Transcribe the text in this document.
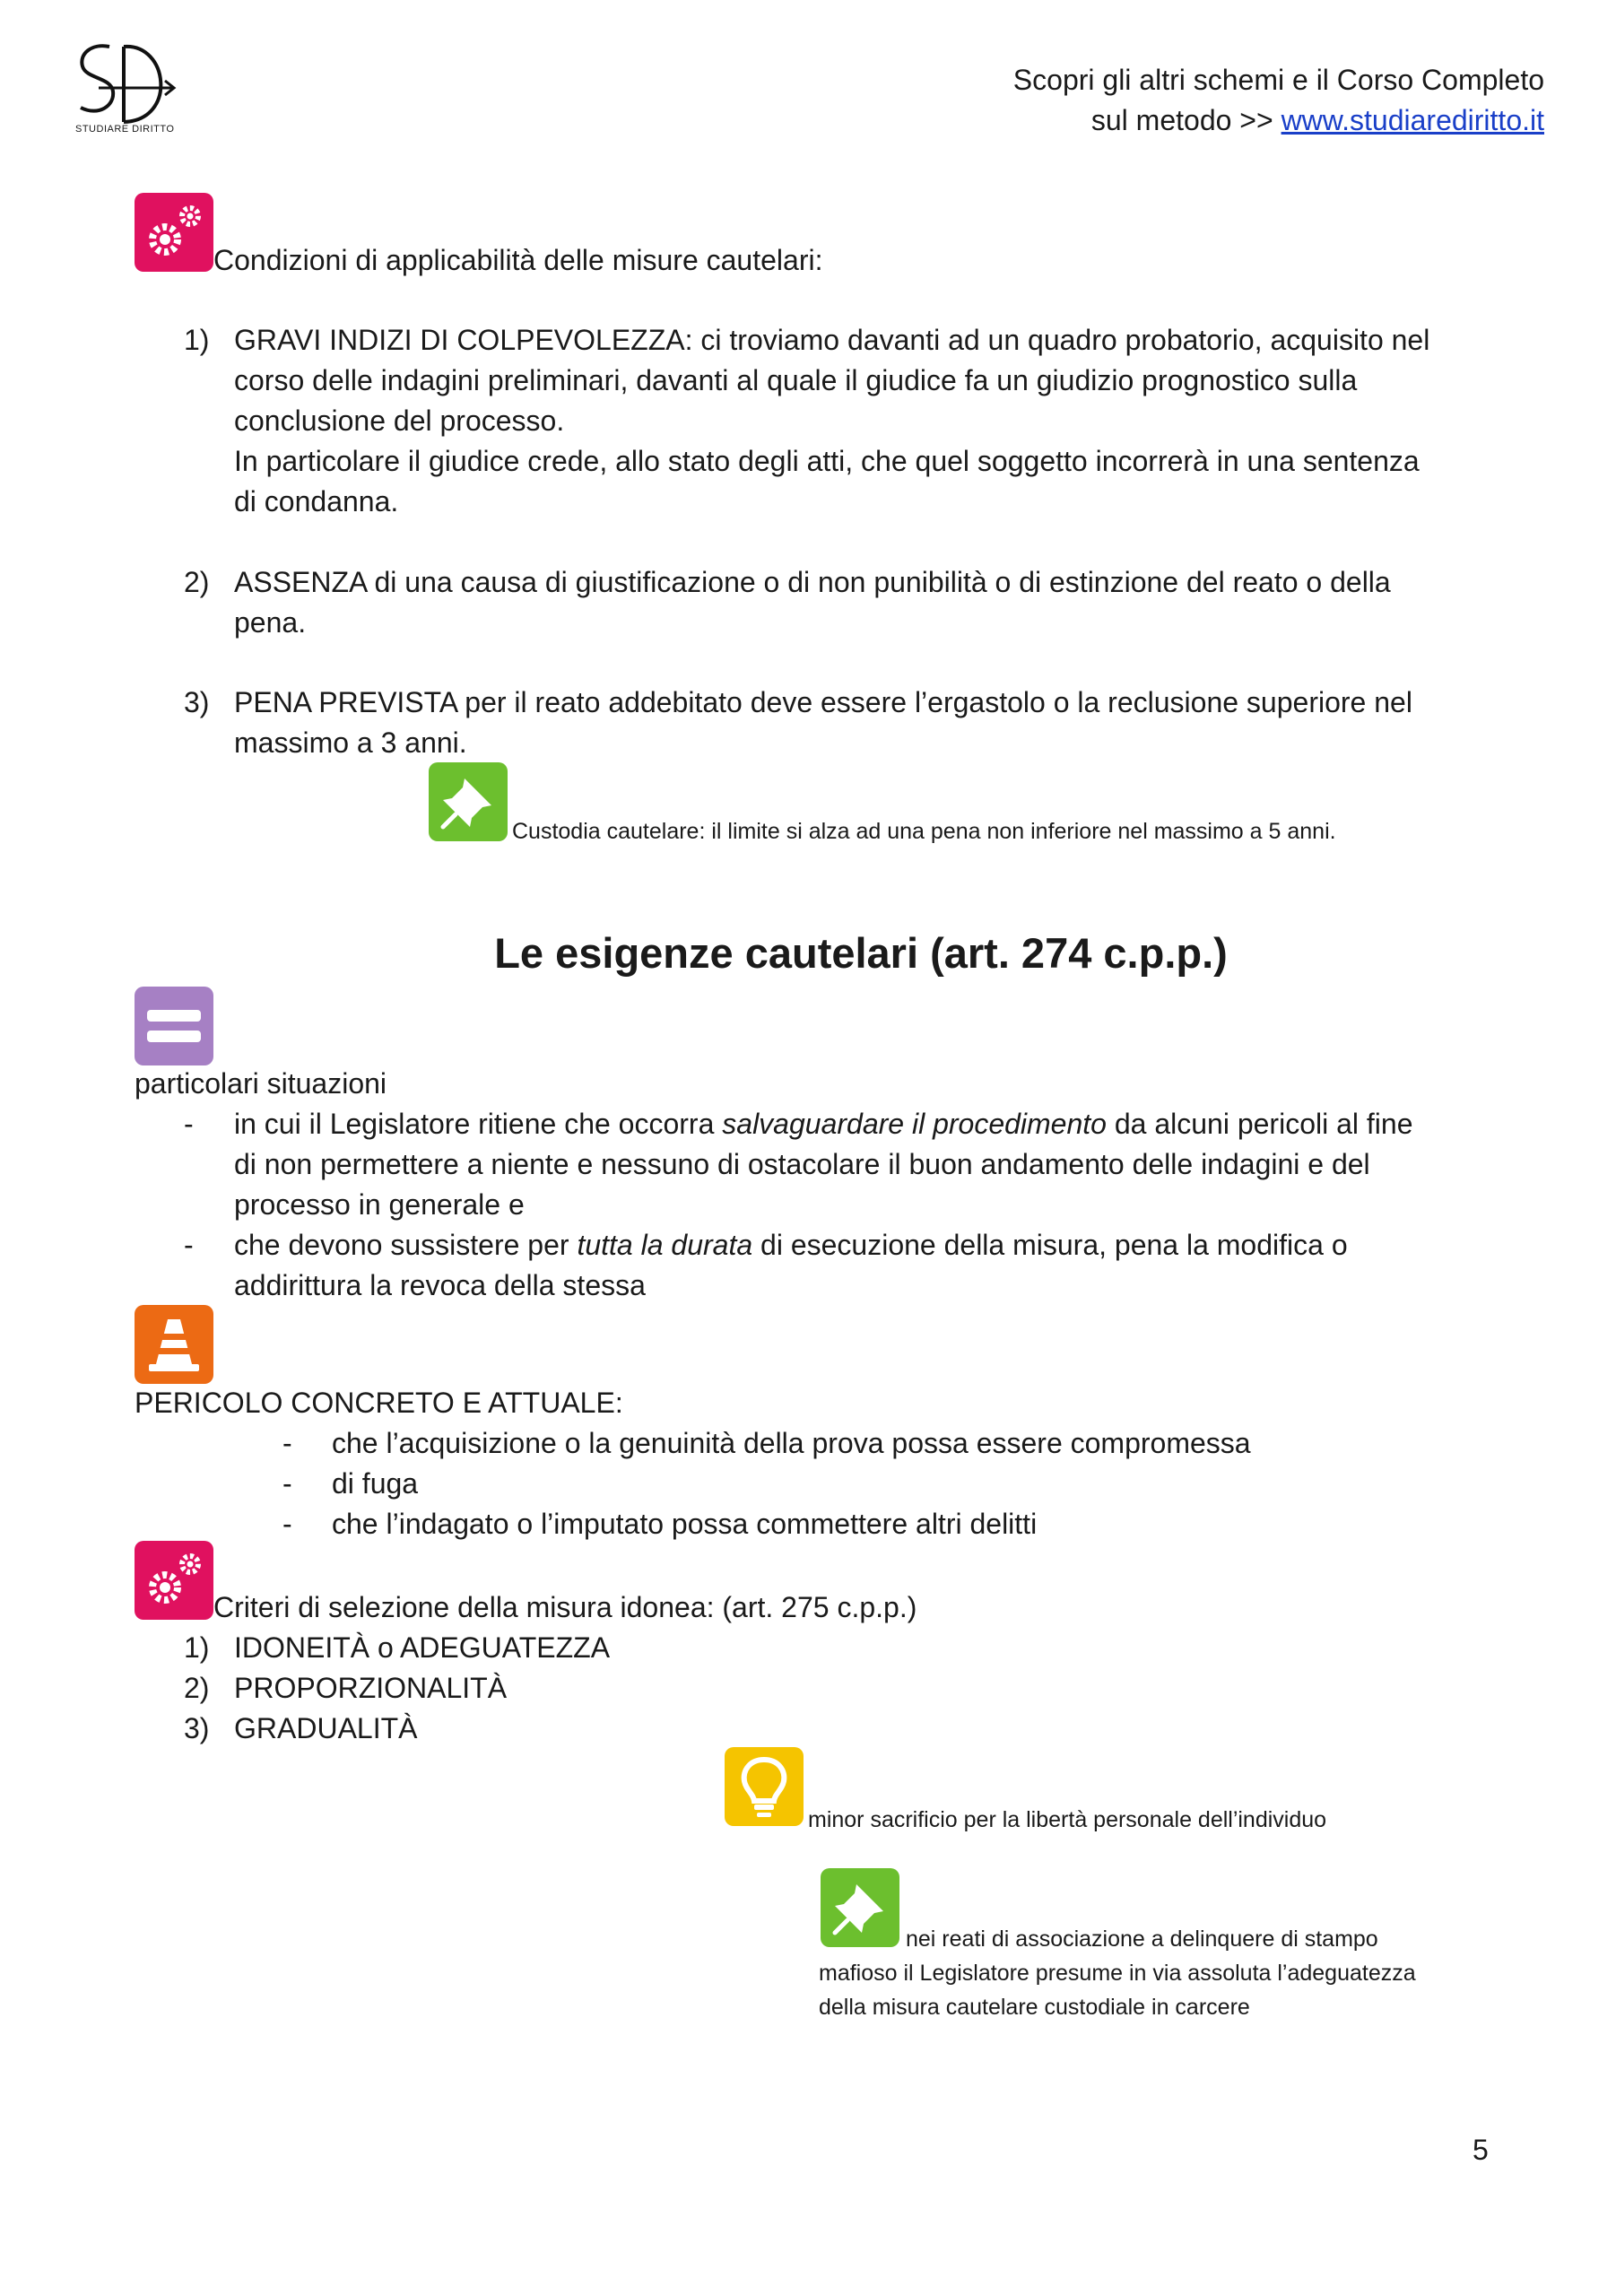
STUDIARE DIRITTO
Scopri gli altri schemi e il Corso Completo
sul metodo >> www.studiarediritto.it
Condizioni di applicabilità delle misure cautelari:
1) GRAVI INDIZI DI COLPEVOLEZZA: ci troviamo davanti ad un quadro probatorio, acquisito nel
corso delle indagini preliminari, davanti al quale il giudice fa un giudizio prognostico sulla
conclusione del processo.
In particolare il giudice crede, allo stato degli atti, che quel soggetto incorrerà in una sentenza
di condanna.
2) ASSENZA di una causa di giustificazione o di non punibilità o di estinzione del reato o della
pena.
3) PENA PREVISTA per il reato addebitato deve essere l’ergastolo o la reclusione superiore nel
massimo a 3 anni.
Custodia cautelare: il limite si alza ad una pena non inferiore nel massimo a 5 anni.
Le esigenze cautelari (art. 274 c.p.p.)
particolari situazioni
- in cui il Legislatore ritiene che occorra salvaguardare il procedimento da alcuni pericoli al fine
di non permettere a niente e nessuno di ostacolare il buon andamento delle indagini e del
processo in generale e
- che devono sussistere per tutta la durata di esecuzione della misura, pena la modifica o
addirittura la revoca della stessa
PERICOLO CONCRETO E ATTUALE:
- che l’acquisizione o la genuinità della prova possa essere compromessa
- di fuga
- che l’indagato o l’imputato possa commettere altri delitti
Criteri di selezione della misura idonea: (art. 275 c.p.p.)
1) IDONEITÀ o ADEGUATEZZA
2) PROPORZIONALITÀ
3) GRADUALITÀ
minor sacrificio per la libertà personale dell’individuo
nei reati di associazione a delinquere di stampo
mafioso il Legislatore presume in via assoluta l’adeguatezza
della misura cautelare custodiale in carcere
5
